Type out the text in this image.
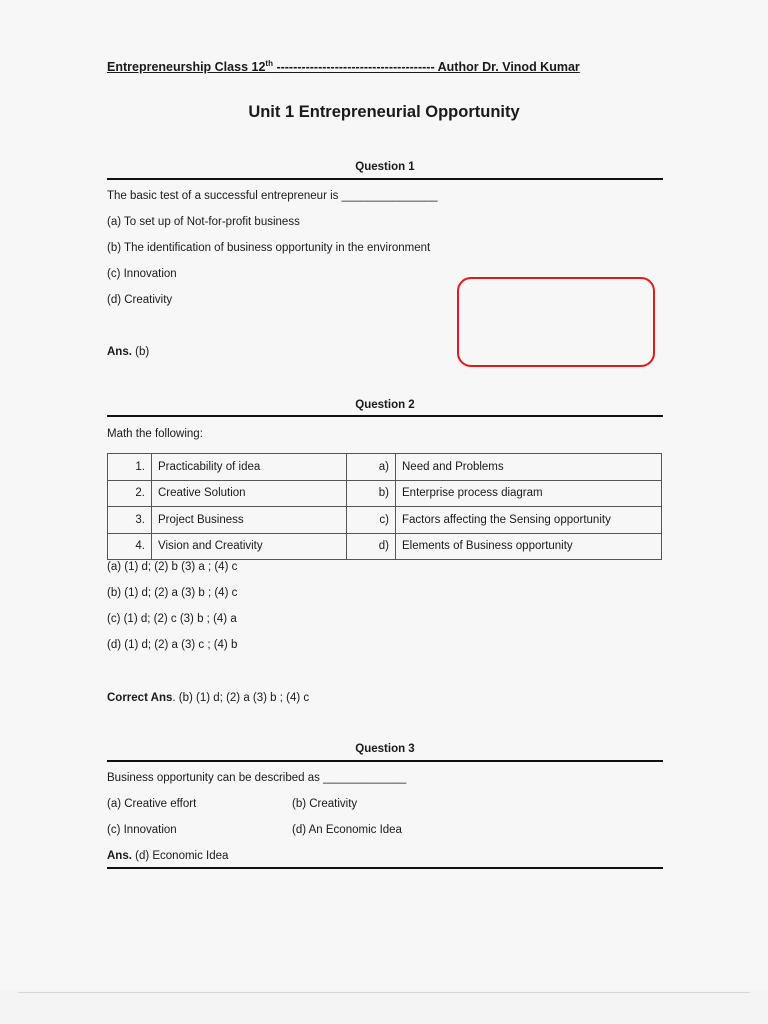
Entrepreneurship Class 12th -------------------------------------- Author Dr. Vinod Kumar
Unit 1 Entrepreneurial Opportunity
Question 1
The basic test of a successful entrepreneur is _______________
(a) To set up of Not-for-profit business
(b) The identification of business opportunity in the environment
(c) Innovation
(d) Creativity
Ans. (b)
Question 2
Math the following:
1.	Practicability of idea	a)	Need and Problems
2.	Creative Solution	b)	Enterprise process diagram
3.	Project Business	c)	Factors affecting the Sensing opportunity
4.	Vision and Creativity	d)	Elements of Business opportunity
(a) (1) d; (2) b (3) a ; (4) c
(b) (1) d; (2) a (3) b ; (4) c
(c) (1) d; (2) c (3) b ; (4) a
(d) (1) d; (2) a (3) c ; (4) b
Correct Ans. (b) (1) d; (2) a (3) b ; (4) c
Question 3
Business opportunity can be described as _____________
(a) Creative effort	(b) Creativity
(c) Innovation	(d) An Economic Idea
Ans. (d) Economic Idea
